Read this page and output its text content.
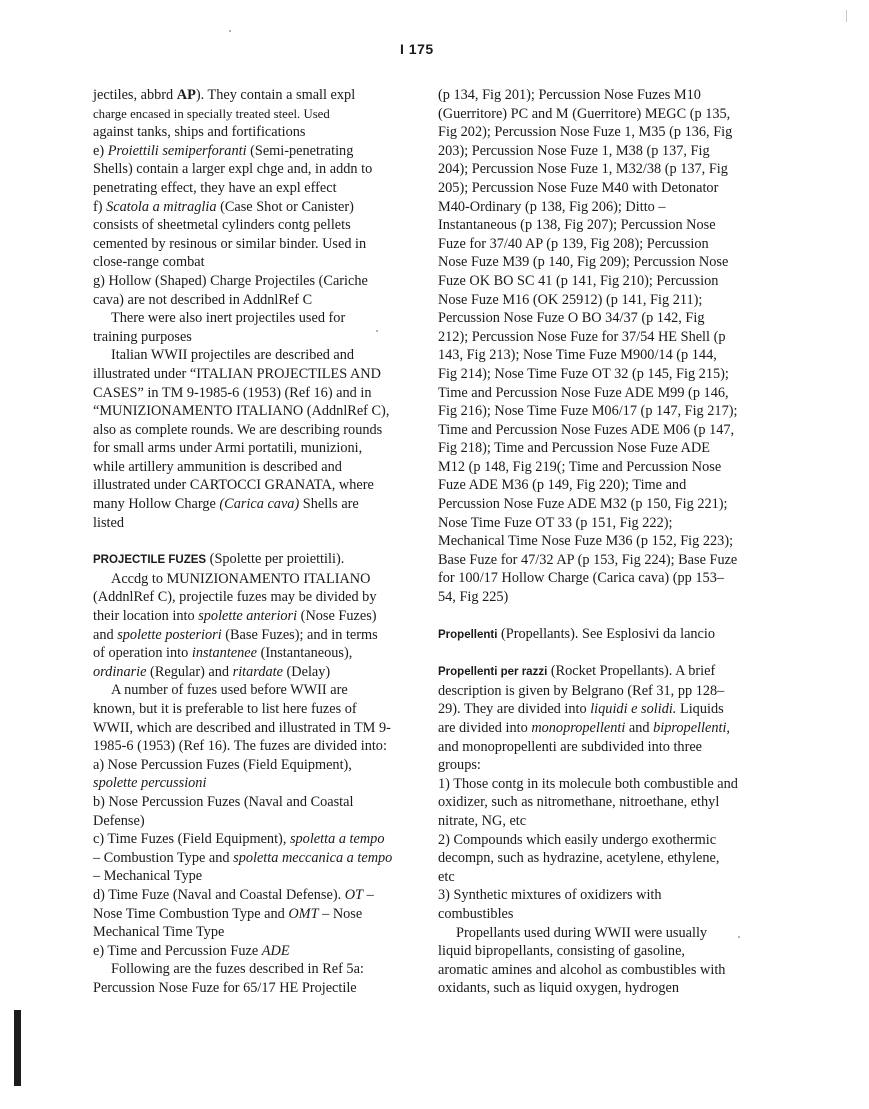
I 175

jectiles, abbrd AP). They contain a small expl
charge encased in specially treated steel. Used
against tanks, ships and fortifications

e) Proiettili semiperforanti (Semi-penetrating Shells) contain a larger expl chge and, in addn to penetrating effect, they have an expl effect

f) Scatola a mitraglia (Case Shot or Canister) consists of sheetmetal cylinders contg pellets cemented by resinous or similar binder. Used in close-range combat

g) Hollow (Shaped) Charge Projectiles (Cariche cava) are not described in AddnlRef C

There were also inert projectiles used for training purposes

Italian WWII projectiles are described and illustrated under “ITALIAN PROJECTILES AND CASES” in TM 9-1985-6 (1953) (Ref 16) and in “MUNIZIONAMENTO ITALIANO (AddnlRef C), also as complete rounds. We are describing rounds for small arms under Armi portatili, munizioni, while artillery ammunition is described and illustrated under CARTOCCI GRANATA, where many Hollow Charge (Carica cava) Shells are listed

PROJECTILE FUZES (Spolette per proiettili).

Accdg to MUNIZIONAMENTO ITALIANO (AddnlRef C), projectile fuzes may be divided by their location into spolette anteriori (Nose Fuzes) and spolette posteriori (Base Fuzes); and in terms of operation into instantenee (Instantaneous), ordinarie (Regular) and ritardate (Delay)

A number of fuzes used before WWII are known, but it is preferable to list here fuzes of WWII, which are described and illustrated in TM 9-1985-6 (1953) (Ref 16). The fuzes are divided into:

a) Nose Percussion Fuzes (Field Equipment), spolette percussioni

b) Nose Percussion Fuzes (Naval and Coastal Defense)

c) Time Fuzes (Field Equipment), spoletta a tempo – Combustion Type and spoletta meccanica a tempo – Mechanical Type

d) Time Fuze (Naval and Coastal Defense). OT – Nose Time Combustion Type and OMT – Nose Mechanical Time Type

e) Time and Percussion Fuze ADE

Following are the fuzes described in Ref 5a: Percussion Nose Fuze for 65/17 HE Projectile

(p 134, Fig 201); Percussion Nose Fuzes M10 (Guerritore) PC and M (Guerritore) MEGC (p 135, Fig 202); Percussion Nose Fuze 1, M35 (p 136, Fig 203); Percussion Nose Fuze 1, M38 (p 137, Fig 204); Percussion Nose Fuze 1, M32/38 (p 137, Fig 205); Percussion Nose Fuze M40 with Detonator M40-Ordinary (p 138, Fig 206); Ditto – Instantaneous (p 138, Fig 207); Percussion Nose Fuze for 37/40 AP (p 139, Fig 208); Percussion Nose Fuze M39 (p 140, Fig 209); Percussion Nose Fuze OK BO SC 41 (p 141, Fig 210); Percussion Nose Fuze M16 (OK 25912) (p 141, Fig 211); Percussion Nose Fuze O BO 34/37 (p 142, Fig 212); Percussion Nose Fuze for 37/54 HE Shell (p 143, Fig 213); Nose Time Fuze M900/14 (p 144, Fig 214); Nose Time Fuze OT 32 (p 145, Fig 215); Time and Percussion Nose Fuze ADE M99 (p 146, Fig 216); Nose Time Fuze M06/17 (p 147, Fig 217); Time and Percussion Nose Fuzes ADE M06 (p 147, Fig 218); Time and Percussion Nose Fuze ADE M12 (p 148, Fig 219(; Time and Percussion Nose Fuze ADE M36 (p 149, Fig 220); Time and Percussion Nose Fuze ADE M32 (p 150, Fig 221); Nose Time Fuze OT 33 (p 151, Fig 222); Mechanical Time Nose Fuze M36 (p 152, Fig 223); Base Fuze for 47/32 AP (p 153, Fig 224); Base Fuze for 100/17 Hollow Charge (Carica cava) (pp 153–54, Fig 225)

Propellenti (Propellants). See Esplosivi da lancio

Propellenti per razzi (Rocket Propellants). A brief description is given by Belgrano (Ref 31, pp 128–29). They are divided into liquidi e solidi. Liquids are divided into monopropellenti and bipropellenti, and monopropellenti are subdivided into three groups:

1) Those contg in its molecule both combustible and oxidizer, such as nitromethane, nitroethane, ethyl nitrate, NG, etc

2) Compounds which easily undergo exothermic decompn, such as hydrazine, acetylene, ethylene, etc

3) Synthetic mixtures of oxidizers with combustibles

Propellants used during WWII were usually liquid bipropellants, consisting of gasoline, aromatic amines and alcohol as combustibles with oxidants, such as liquid oxygen, hydrogen
